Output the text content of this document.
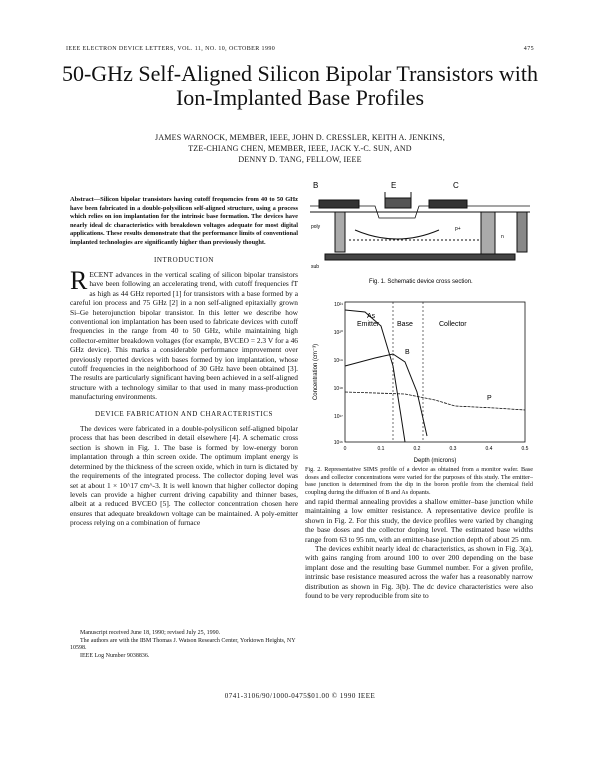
IEEE ELECTRON DEVICE LETTERS, VOL. 11, NO. 10, OCTOBER 1990	475
50-GHz Self-Aligned Silicon Bipolar Transistors with Ion-Implanted Base Profiles
JAMES WARNOCK, MEMBER, IEEE, JOHN D. CRESSLER, KEITH A. JENKINS,
TZE-CHIANG CHEN, MEMBER, IEEE, JACK Y.-C. SUN, AND
DENNY D. TANG, FELLOW, IEEE
Abstract—Silicon bipolar transistors having cutoff frequencies from 40 to 50 GHz have been fabricated in a double-polysilicon self-aligned structure, using a process which relies on ion implantation for the intrinsic base formation. The devices have nearly ideal dc characteristics with breakdown voltages adequate for most digital applications. These results demonstrate that the performance limits of conventional implanted technologies are significantly higher than previously thought.
INTRODUCTION
RECENT advances in the vertical scaling of silicon bipolar transistors have been following an accelerating trend, with cutoff frequencies fT as high as 44 GHz reported [1] for transistors with a base formed by a careful ion process and 75 GHz [2] in a non self-aligned epitaxially grown Si–Ge heterojunction bipolar transistor. In this letter we describe how conventional ion implantation has been used to fabricate devices with cutoff frequencies in the range from 40 to 50 GHz, while maintaining high collector-emitter breakdown voltages (for example, BVCEO = 2.3 V for a 46 GHz device). This marks a considerable performance improvement over previously reported devices with bases formed by ion implantation, whose cutoff frequencies in the neighborhood of 30 GHz have been obtained [3]. The results are particularly significant having been achieved in a self-aligned structure with a technology similar to that used in many mass-production manufacturing environments.
DEVICE FABRICATION AND CHARACTERISTICS

The devices were fabricated in a double-polysilicon self-aligned bipolar process that has been described in detail elsewhere [4]. A schematic cross section is shown in Fig. 1. The base is formed by low-energy boron implantation through a thin screen oxide. The optimum implant energy is determined by the thickness of the screen oxide, which in turn is dictated by the requirements of the integrated process. The collector doping level was set at about 1 × 10^17 cm^-3. It is well known that higher collector doping levels can provide a higher current driving capability and thinner bases, albeit at a reduced BVCEO [5]. The collector concentration chosen here ensures that adequate breakdown voltage can be maintained. A poly-emitter process relying on a combination of furnace

Manuscript received June 18, 1990; revised July 25, 1990.

The authors are with the IBM Thomas J. Watson Research Center, Yorktown Heights, NY 10598.

IEEE Log Number 9038836.

B	E	C
poly
n
p+
sub
Fig. 1. Schematic device cross section.
Emitter	Base	Collector
As
B
P
10²¹
10²⁰
10¹⁹
10¹⁸
10¹⁷
10¹⁶
0	0.1	0.2	0.3	0.4	0.5
Depth (microns)
Concentration (cm⁻³)
Fig. 2. Representative SIMS profile of a device as obtained from a monitor wafer. Base doses and collector concentrations were varied for the purposes of this study. The emitter–base junction is determined from the dip in the boron profile from the chemical field coupling during the diffusion of B and As dopants.

and rapid thermal annealing provides a shallow emitter–base junction while maintaining a low emitter resistance. A representative device profile is shown in Fig. 2. For this study, the device profiles were varied by changing the base doses and the collector doping level. The estimated base widths range from 63 to 95 nm, with an emitter-base junction depth of about 25 nm.

The devices exhibit nearly ideal dc characteristics, as shown in Fig. 3(a), with gains ranging from around 100 to over 200 depending on the base implant dose and the resulting base Gummel number. For a given profile, intrinsic base resistance measured across the wafer has a reasonably narrow distribution as shown in Fig. 3(b). The dc device characteristics were also found to be very reproducible from site to

0741-3106/90/1000-0475$01.00 © 1990 IEEE
